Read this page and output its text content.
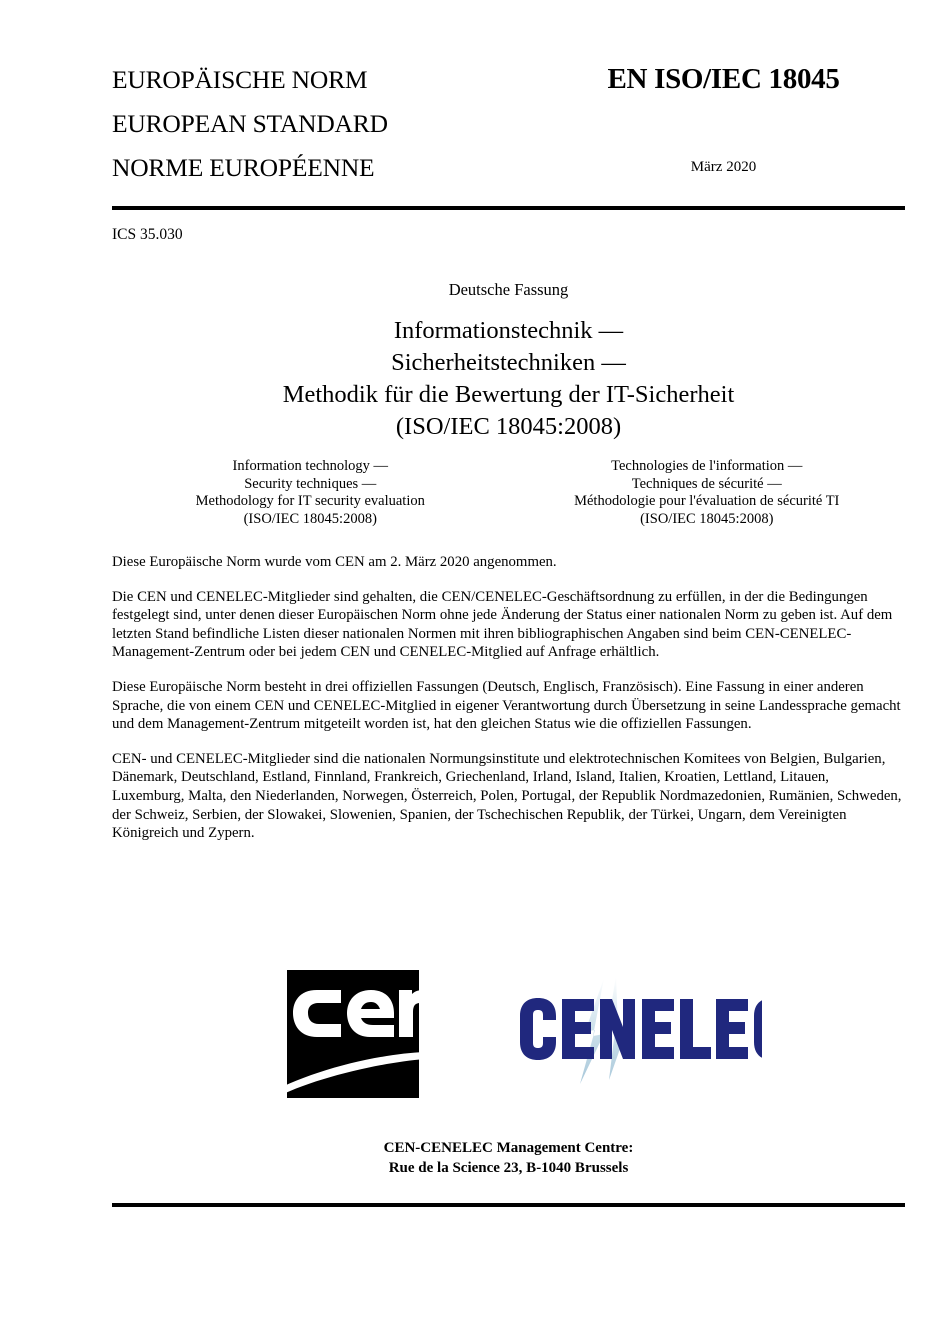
EUROPÄISCHE NORM
EUROPEAN STANDARD
NORME EUROPÉENNE
EN ISO/IEC 18045
März 2020
ICS 35.030
Deutsche Fassung
Informationstechnik —
Sicherheitstechniken —
Methodik für die Bewertung der IT-Sicherheit
(ISO/IEC 18045:2008)
Information technology —
Security techniques —
Methodology for IT security evaluation
(ISO/IEC 18045:2008)
Technologies de l'information —
Techniques de sécurité —
Méthodologie pour l'évaluation de sécurité TI
(ISO/IEC 18045:2008)

Diese Europäische Norm wurde vom CEN am 2. März 2020 angenommen.

Die CEN und CENELEC-Mitglieder sind gehalten, die CEN/CENELEC-Geschäftsordnung zu erfüllen, in der die Bedingungen festgelegt sind, unter denen dieser Europäischen Norm ohne jede Änderung der Status einer nationalen Norm zu geben ist. Auf dem letzten Stand befindliche Listen dieser nationalen Normen mit ihren bibliographischen Angaben sind beim CEN-CENELEC-Management-Zentrum oder bei jedem CEN und CENELEC-Mitglied auf Anfrage erhältlich.

Diese Europäische Norm besteht in drei offiziellen Fassungen (Deutsch, Englisch, Französisch). Eine Fassung in einer anderen Sprache, die von einem CEN und CENELEC-Mitglied in eigener Verantwortung durch Übersetzung in seine Landessprache gemacht und dem Management-Zentrum mitgeteilt worden ist, hat den gleichen Status wie die offiziellen Fassungen.

CEN- und CENELEC-Mitglieder sind die nationalen Normungsinstitute und elektrotechnischen Komitees von Belgien, Bulgarien, Dänemark, Deutschland, Estland, Finnland, Frankreich, Griechenland, Irland, Island, Italien, Kroatien, Lettland, Litauen, Luxemburg, Malta, den Niederlanden, Norwegen, Österreich, Polen, Portugal, der Republik Nordmazedonien, Rumänien, Schweden, der Schweiz, Serbien, der Slowakei, Slowenien, Spanien, der Tschechischen Republik, der Türkei, Ungarn, dem Vereinigten Königreich und Zypern.

CEN-CENELEC Management Centre:
Rue de la Science 23, B-1040 Brussels
